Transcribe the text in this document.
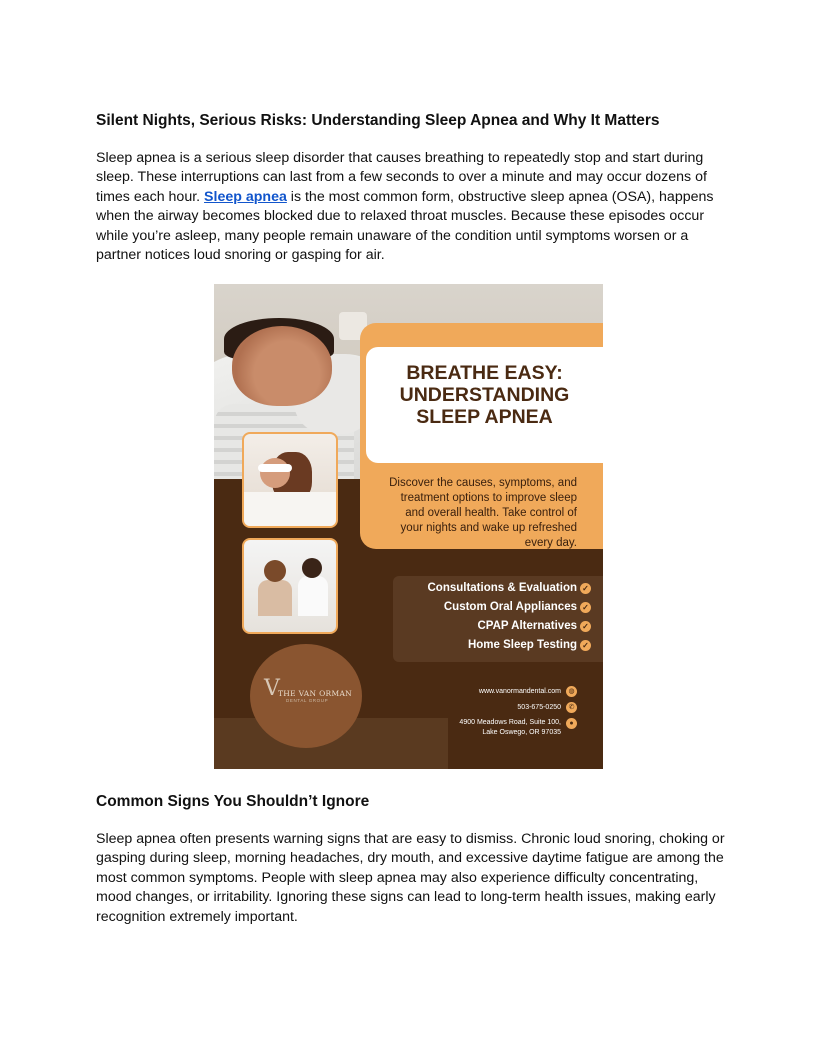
Silent Nights, Serious Risks: Understanding Sleep Apnea and Why It Matters
Sleep apnea is a serious sleep disorder that causes breathing to repeatedly stop and start during sleep. These interruptions can last from a few seconds to over a minute and may occur dozens of times each hour. Sleep apnea is the most common form, obstructive sleep apnea (OSA), happens when the airway becomes blocked due to relaxed throat muscles. Because these episodes occur while you’re asleep, many people remain unaware of the condition until symptoms worsen or a partner notices loud snoring or gasping for air.
BREATHE EASY:
UNDERSTANDING
SLEEP APNEA
Discover the causes, symptoms, and treatment options to improve sleep and overall health. Take control of your nights and wake up refreshed every day.
Consultations & Evaluation ✓
Custom Oral Appliances ✓
CPAP Alternatives ✓
Home Sleep Testing ✓
V
THE VAN ORMAN
DENTAL GROUP
www.vanormandental.com	◍
503-675-0250	✆
4900 Meadows Road, Suite 100,
Lake Oswego, OR 97035
●
Common Signs You Shouldn’t Ignore
Sleep apnea often presents warning signs that are easy to dismiss. Chronic loud snoring, choking or gasping during sleep, morning headaches, dry mouth, and excessive daytime fatigue are among the most common symptoms. People with sleep apnea may also experience difficulty concentrating, mood changes, or irritability. Ignoring these signs can lead to long-term health issues, making early recognition extremely important.
